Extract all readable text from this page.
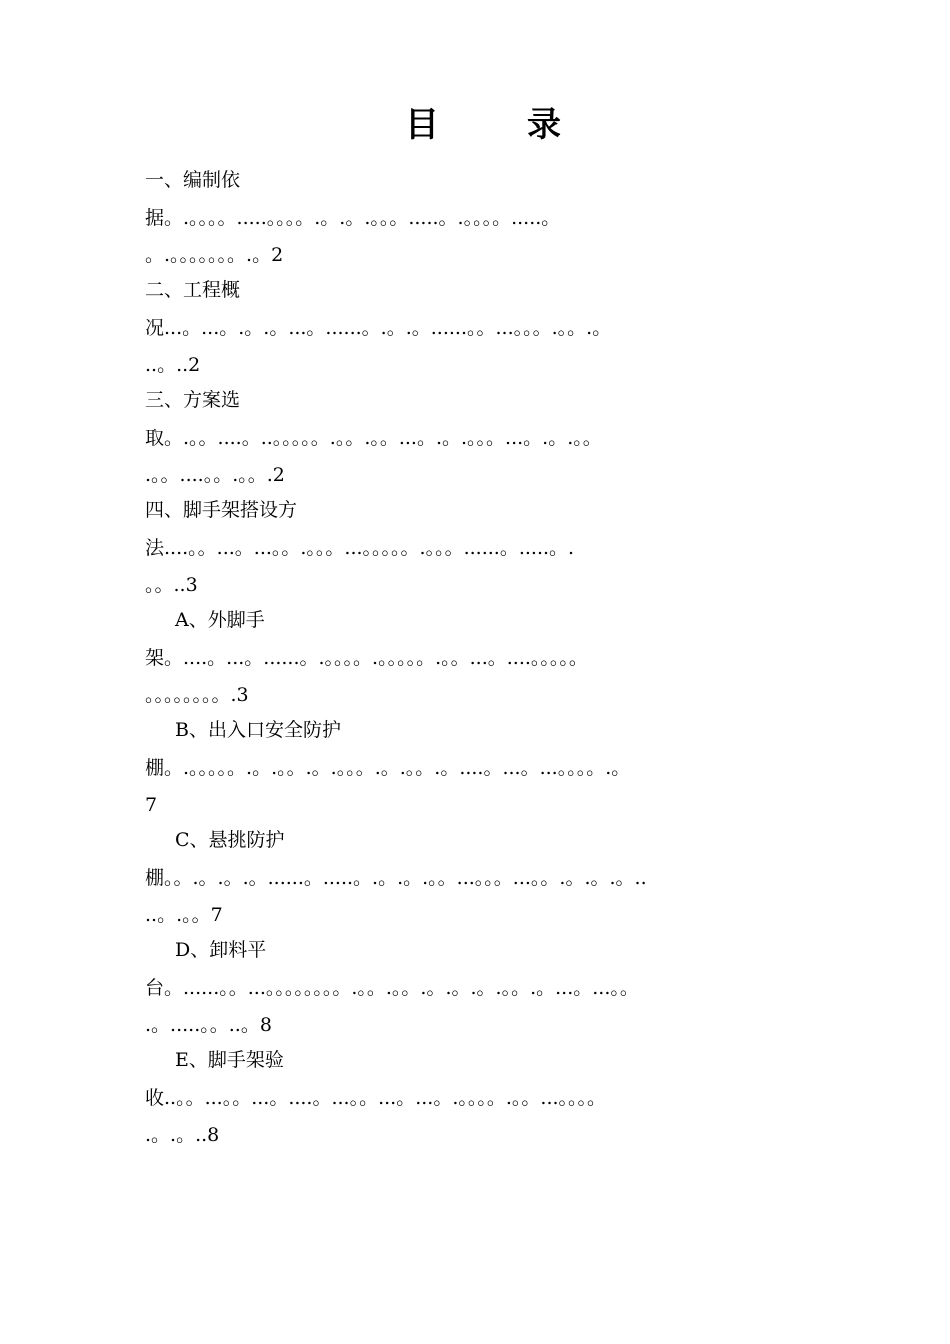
目	录
一、编制依
据。.。。。。.....。。。。.。.。.。。。.....。.。。。。.....。
。.。。。。。。。.。2
二、工程概
况...。...。.。.。...。......。.。.。......。。...。。。.。。.。
..。..2
三、方案选
取。.。。....。..。。。。。.。。.。。...。.。.。。。...。.。.。。
.。。....。。.。。.2
四、脚手架搭设方
法....。。...。...。。.。。。...。。。。。.。。。......。.....。.
。。..3
A、外脚手
架。....。...。......。.。。。。.。。。。。.。。...。....。。。。。
。。。。。。。。.3
B、出入口安全防护
棚。.。。。。。.。.。。.。.。。。.。.。。.。....。...。...。。。。.。
7
C、悬挑防护
棚。。.。.。.。......。.....。.。.。.。。...。。。...。。.。.。.。..
..。.。。7
D、卸料平
台。......。。...。。。。。。。。.。。.。。.。.。.。.。。.。...。...。。
.。.....。。..。8
E、脚手架验
收..。。...。。...。....。...。。...。...。.。。。。.。。...。。。。
.。.。..8
